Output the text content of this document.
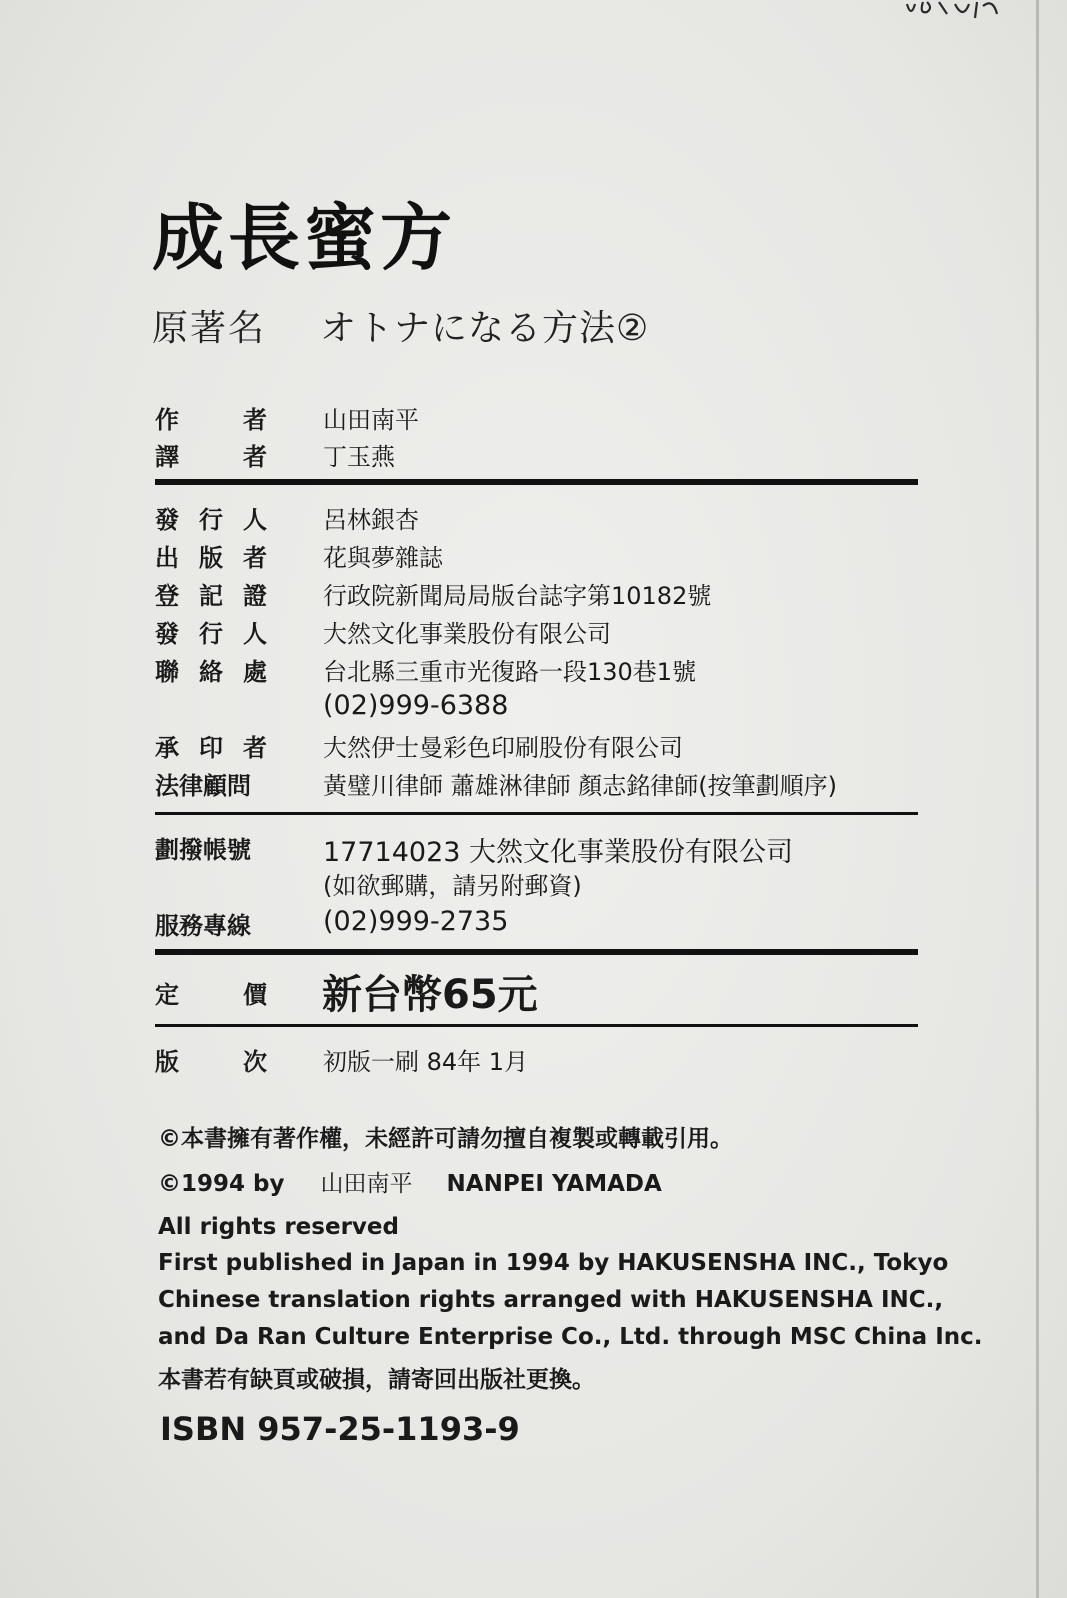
成長蜜方
原著名 オトナになる方法②
作	者 山田南平
譯	者 丁玉燕
發 行 人 呂林銀杏
出 版 者 花與夢雜誌
登 記 證 行政院新聞局局版台誌字第10182號
發 行 人 大然文化事業股份有限公司
聯 絡 處 台北縣三重市光復路一段130巷1號
(02)999-6388
承 印 者 大然伊士曼彩色印刷股份有限公司
法律顧問	黃璧川律師 蕭雄淋律師 顏志銘律師(按筆劃順序)
劃撥帳號	17714023 大然文化事業股份有限公司
(如欲郵購，請另附郵資)
服務專線	(02)999-2735
定	價 新台幣65元
版	次 初版一刷 84年 1月
©本書擁有著作權，未經許可請勿擅自複製或轉載引用。
©1994 by 山田南平 NANPEI YAMADA
All rights reserved
First published in Japan in 1994 by HAKUSENSHA INC., Tokyo
Chinese translation rights arranged with HAKUSENSHA INC.,
and Da Ran Culture Enterprise Co., Ltd. through MSC China Inc.
本書若有缺頁或破損，請寄回出版社更換。
ISBN 957-25-1193-9
